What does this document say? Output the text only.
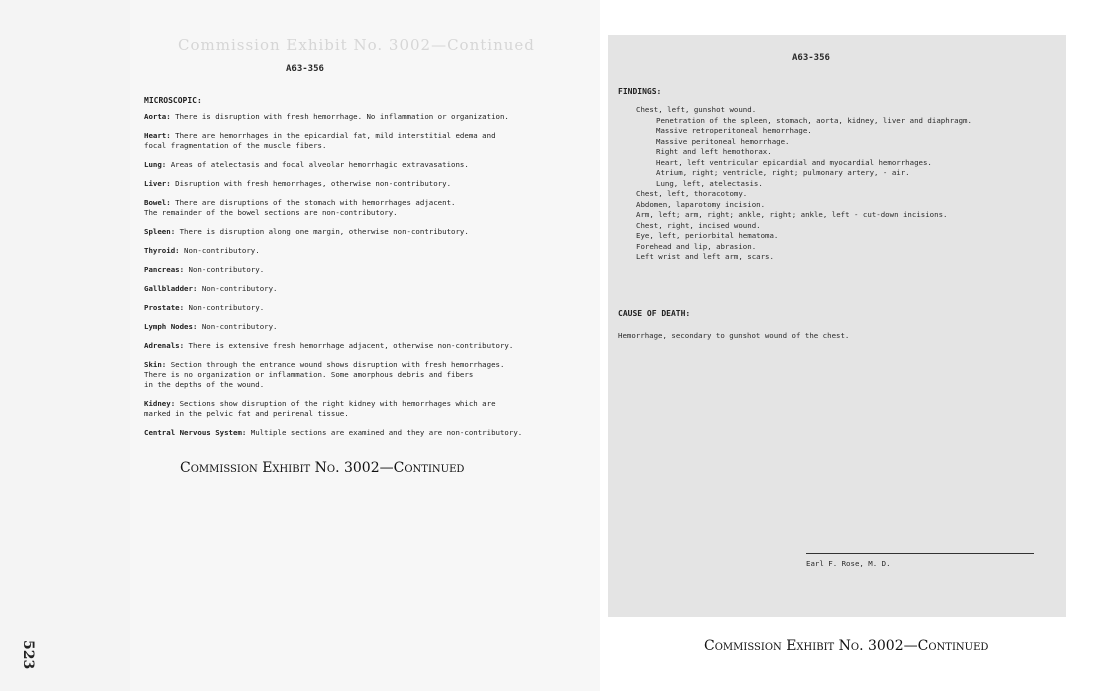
523
Commission Exhibit No. 3002—Continued
A63-356
MICROSCOPIC:
Aorta: There is disruption with fresh hemorrhage. No inflammation or organization.
Heart: There are hemorrhages in the epicardial fat, mild interstitial edema and
focal fragmentation of the muscle fibers.
Lung: Areas of atelectasis and focal alveolar hemorrhagic extravasations.
Liver: Disruption with fresh hemorrhages, otherwise non-contributory.
Bowel: There are disruptions of the stomach with hemorrhages adjacent.
The remainder of the bowel sections are non-contributory.
Spleen: There is disruption along one margin, otherwise non-contributory.
Thyroid: Non-contributory.
Pancreas: Non-contributory.
Gallbladder: Non-contributory.
Prostate: Non-contributory.
Lymph Nodes: Non-contributory.
Adrenals: There is extensive fresh hemorrhage adjacent, otherwise non-contributory.
Skin: Section through the entrance wound shows disruption with fresh hemorrhages.
There is no organization or inflammation. Some amorphous debris and fibers
in the depths of the wound.
Kidney: Sections show disruption of the right kidney with hemorrhages which are
marked in the pelvic fat and perirenal tissue.
Central Nervous System: Multiple sections are examined and they are non-contributory.
Commission Exhibit No. 3002—Continued
A63-356
FINDINGS:
Chest, left, gunshot wound.
Penetration of the spleen, stomach, aorta, kidney, liver and diaphragm.
Massive retroperitoneal hemorrhage.
Massive peritoneal hemorrhage.
Right and left hemothorax.
Heart, left ventricular epicardial and myocardial hemorrhages.
Atrium, right; ventricle, right; pulmonary artery, - air.
Lung, left, atelectasis.
Chest, left, thoracotomy.
Abdomen, laparotomy incision.
Arm, left; arm, right; ankle, right; ankle, left - cut-down incisions.
Chest, right, incised wound.
Eye, left, periorbital hematoma.
Forehead and lip, abrasion.
Left wrist and left arm, scars.
CAUSE OF DEATH:
Hemorrhage, secondary to gunshot wound of the chest.
Earl F. Rose, M. D.
Commission Exhibit No. 3002—Continued
